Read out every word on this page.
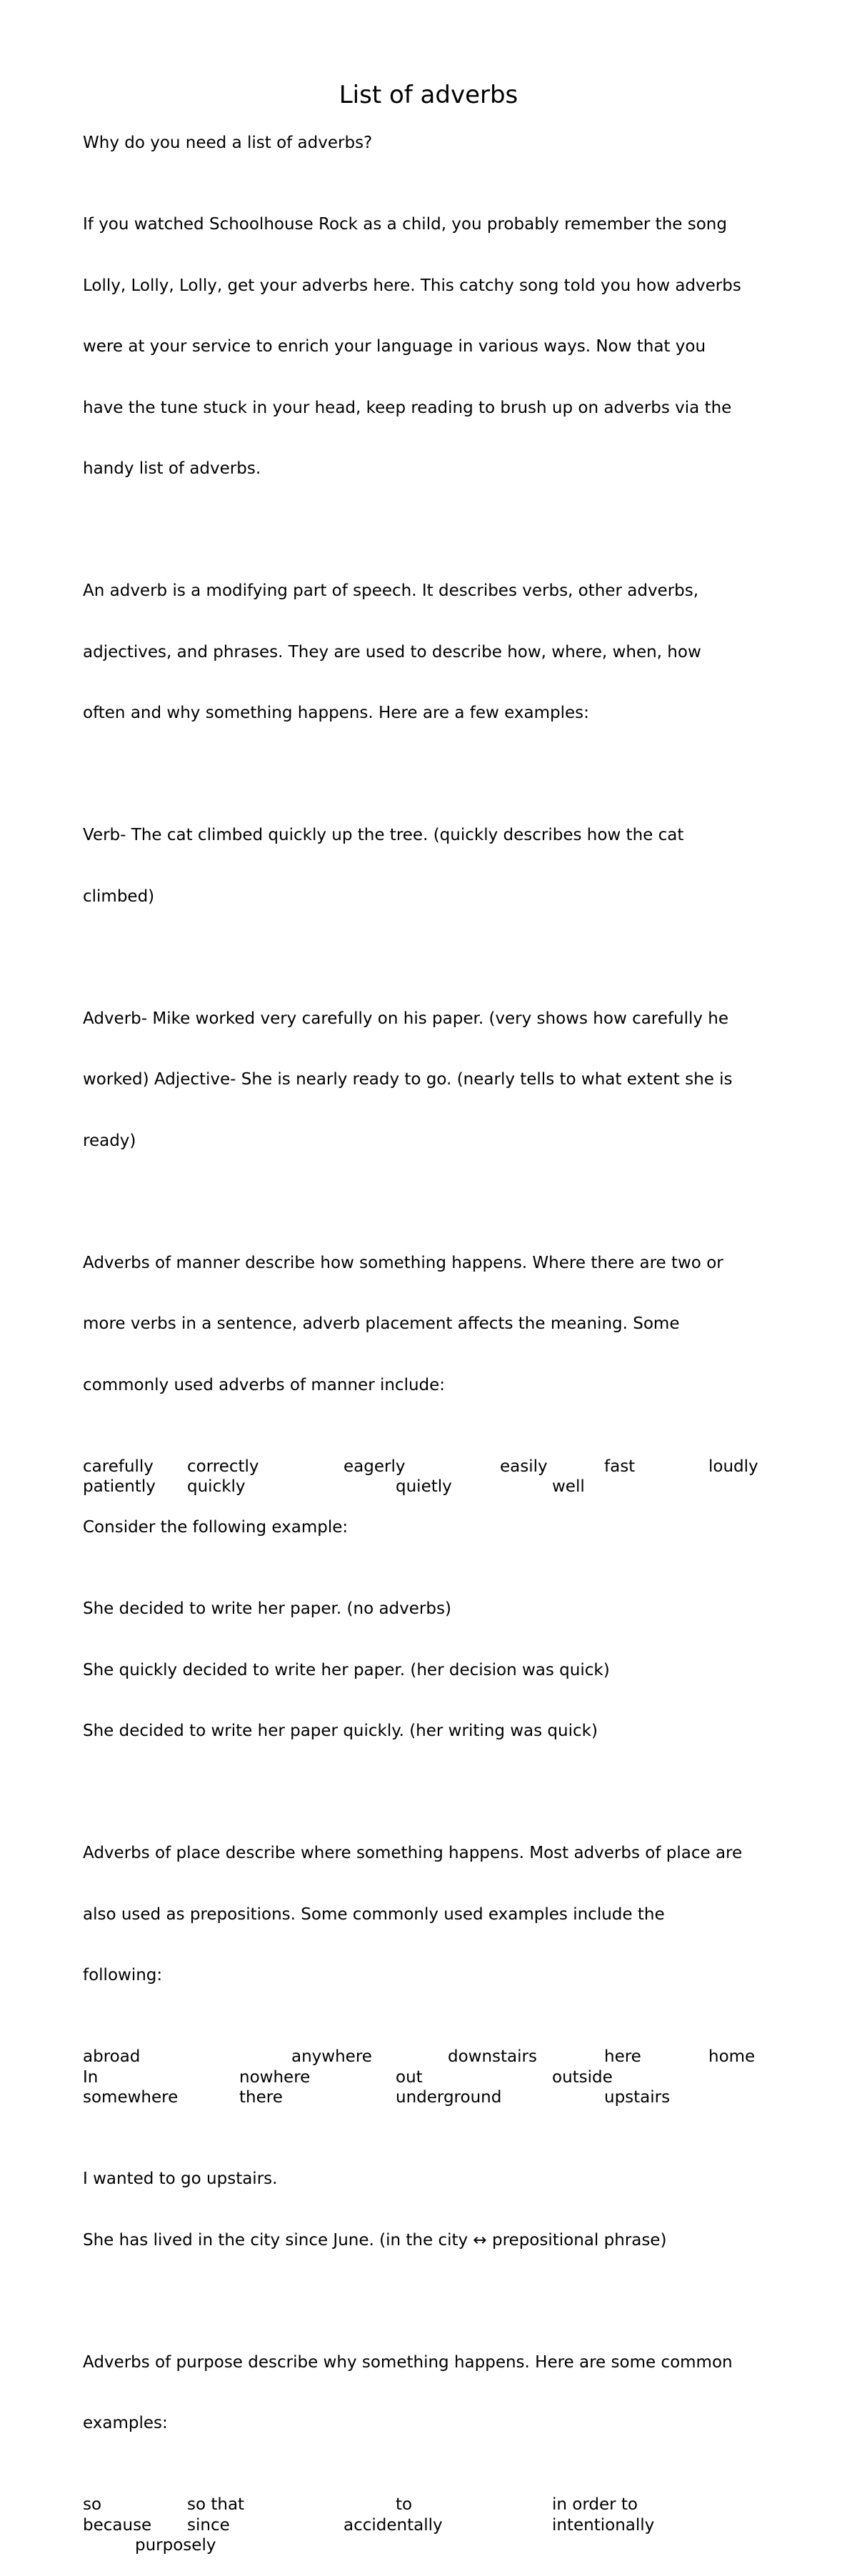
List of adverbs

Why do you need a list of adverbs?

If you watched Schoolhouse Rock as a child, you probably remember the song

Lolly, Lolly, Lolly, get your adverbs here. This catchy song told you how adverbs

were at your service to enrich your language in various ways. Now that you

have the tune stuck in your head, keep reading to brush up on adverbs via the

handy list of adverbs.

An adverb is a modifying part of speech. It describes verbs, other adverbs,

adjectives, and phrases. They are used to describe how, where, when, how

often and why something happens. Here are a few examples:

Verb- The cat climbed quickly up the tree. (quickly describes how the cat

climbed)

Adverb- Mike worked very carefully on his paper. (very shows how carefully he

worked) Adjective- She is nearly ready to go. (nearly tells to what extent she is

ready)

Adverbs of manner describe how something happens. Where there are two or

more verbs in a sentence, adverb placement affects the meaning. Some

commonly used adverbs of manner include:

carefully correctly	eagerly	easily	fast	loudly
patiently quickly	quietly	well

Consider the following example:

She decided to write her paper. (no adverbs)

She quickly decided to write her paper. (her decision was quick)

She decided to write her paper quickly. (her writing was quick)

Adverbs of place describe where something happens. Most adverbs of place are

also used as prepositions. Some commonly used examples include the

following:

abroad	anywhere	downstairs	here	home
In	nowhere	out	outside
somewhere	there	underground	upstairs

I wanted to go upstairs.

She has lived in the city since June. (in the city ↔ prepositional phrase)

Adverbs of purpose describe why something happens. Here are some common

examples:

so	so that	to	in order to
because since	accidentally	intentionally
purposely
